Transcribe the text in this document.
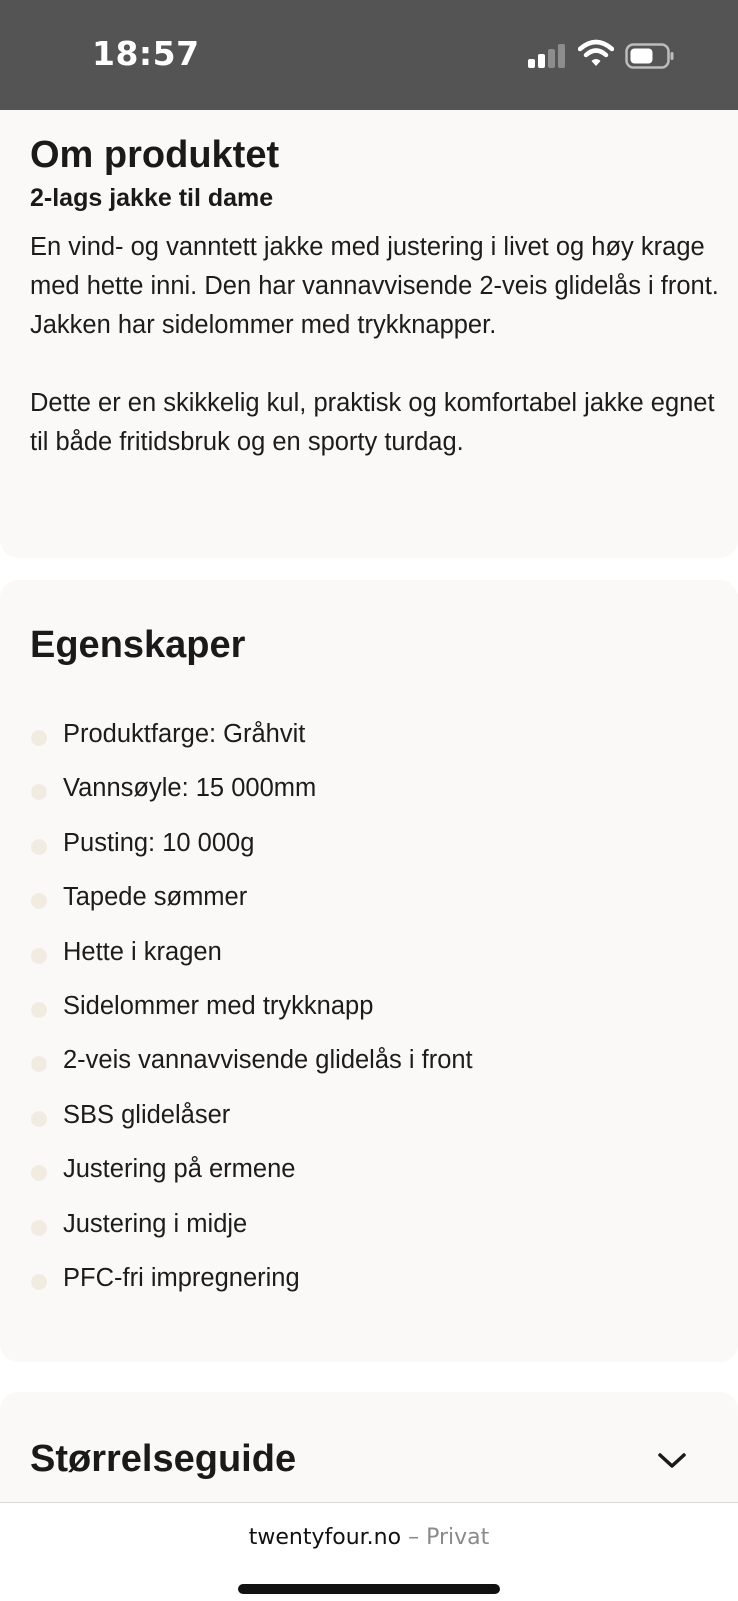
18:57
Om produktet
2-lags jakke til dame
En vind- og vanntett jakke med justering i livet og høy krage med hette inni. Den har vannavvisende 2-veis glidelås i front. Jakken har sidelommer med trykknapper.
Dette er en skikkelig kul, praktisk og komfortabel jakke egnet til både fritidsbruk og en sporty turdag.
Egenskaper
Produktfarge: Gråhvit
Vannsøyle: 15 000mm
Pusting: 10 000g
Tapede sømmer
Hette i kragen
Sidelommer med trykknapp
2-veis vannavvisende glidelås i front
SBS glidelåser
Justering på ermene
Justering i midje
PFC-fri impregnering
Størrelseguide
twentyfour.no – Privat
